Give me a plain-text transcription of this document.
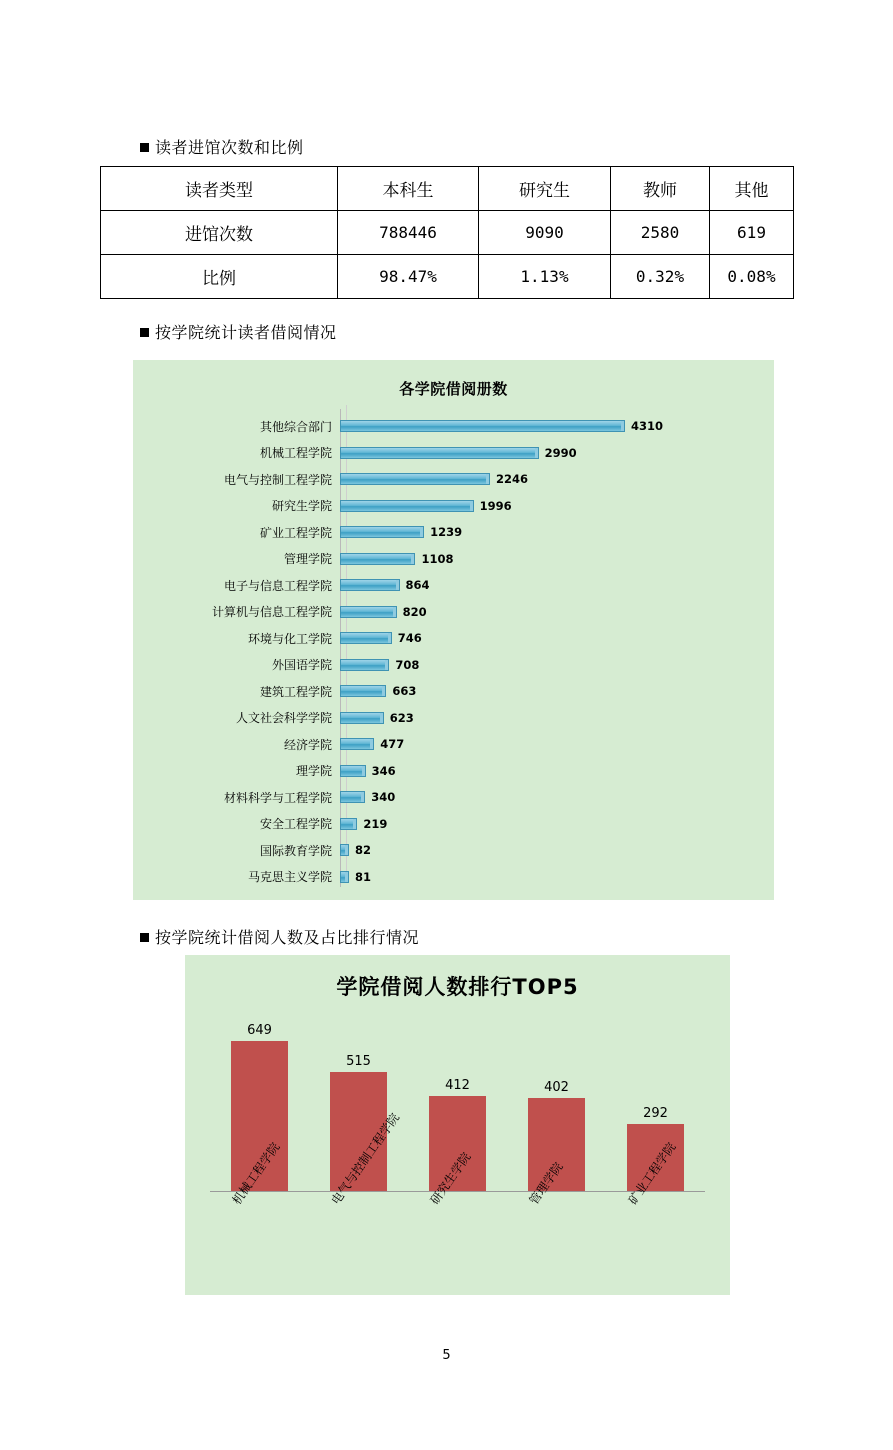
读者进馆次数和比例
读者类型	本科生	研究生	教师	其他
进馆次数	788446	9090	2580	619
比例	98.47%	1.13%	0.32%	0.08%
按学院统计读者借阅情况
各学院借阅册数
其他综合部门	4310
机械工程学院	2990
电气与控制工程学院	2246
研究生学院	1996
矿业工程学院	1239
管理学院	1108
电子与信息工程学院	864
计算机与信息工程学院	820
环境与化工学院	746
外国语学院	708
建筑工程学院	663
人文社会科学学院	623
经济学院	477
理学院	346
材料科学与工程学院	340
安全工程学院	219
国际教育学院	82
马克思主义学院	81
按学院统计借阅人数及占比排行情况
学院借阅人数排行TOP5
649
515
412	402
292
机械工程学院	电气与控制工程学院 研究生学院	管理学院	矿业工程学院
5
